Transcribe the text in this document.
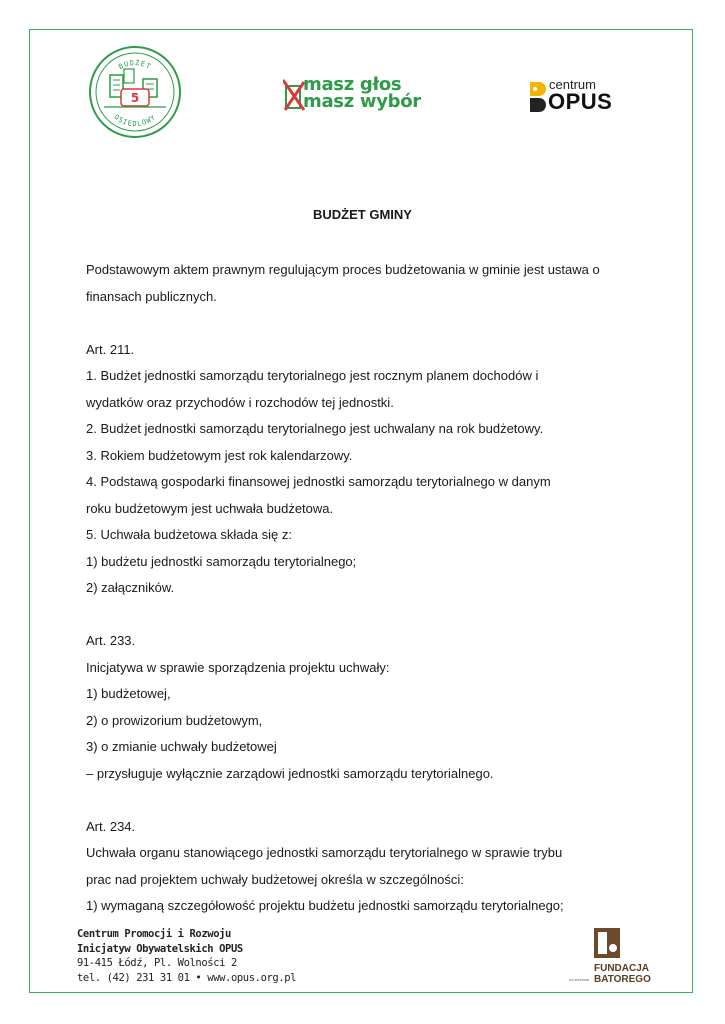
BUDŻET
OSIEDLOWY
5
masz głos
masz wybór
centrum
OPUS
BUDŻET GMINY
Podstawowym aktem prawnym regulującym proces budżetowania w gminie jest ustawa o
finansach publicznych.
Art. 211.
1. Budżet jednostki samorządu terytorialnego jest rocznym planem dochodów i
wydatków oraz przychodów i rozchodów tej jednostki.
2. Budżet jednostki samorządu terytorialnego jest uchwalany na rok budżetowy.
3. Rokiem budżetowym jest rok kalendarzowy.
4. Podstawą gospodarki finansowej jednostki samorządu terytorialnego w danym
roku budżetowym jest uchwała budżetowa.
5. Uchwała budżetowa składa się z:
1) budżetu jednostki samorządu terytorialnego;
2) załączników.
Art. 233.
Inicjatywa w sprawie sporządzenia projektu uchwały:
1) budżetowej,
2) o prowizorium budżetowym,
3) o zmianie uchwały budżetowej
– przysługuje wyłącznie zarządowi jednostki samorządu terytorialnego.
Art. 234.
Uchwała organu stanowiącego jednostki samorządu terytorialnego w sprawie trybu
prac nad projektem uchwały budżetowej określa w szczególności:
1) wymaganą szczegółowość projektu budżetu jednostki samorządu terytorialnego;
Centrum Promocji i Rozwoju
Inicjatyw Obywatelskich OPUS
91-415 Łódź, Pl. Wolności 2
tel. (42) 231 31 01 • www.opus.org.pl	na zlecenie
FUNDACJA
BATOREGO
